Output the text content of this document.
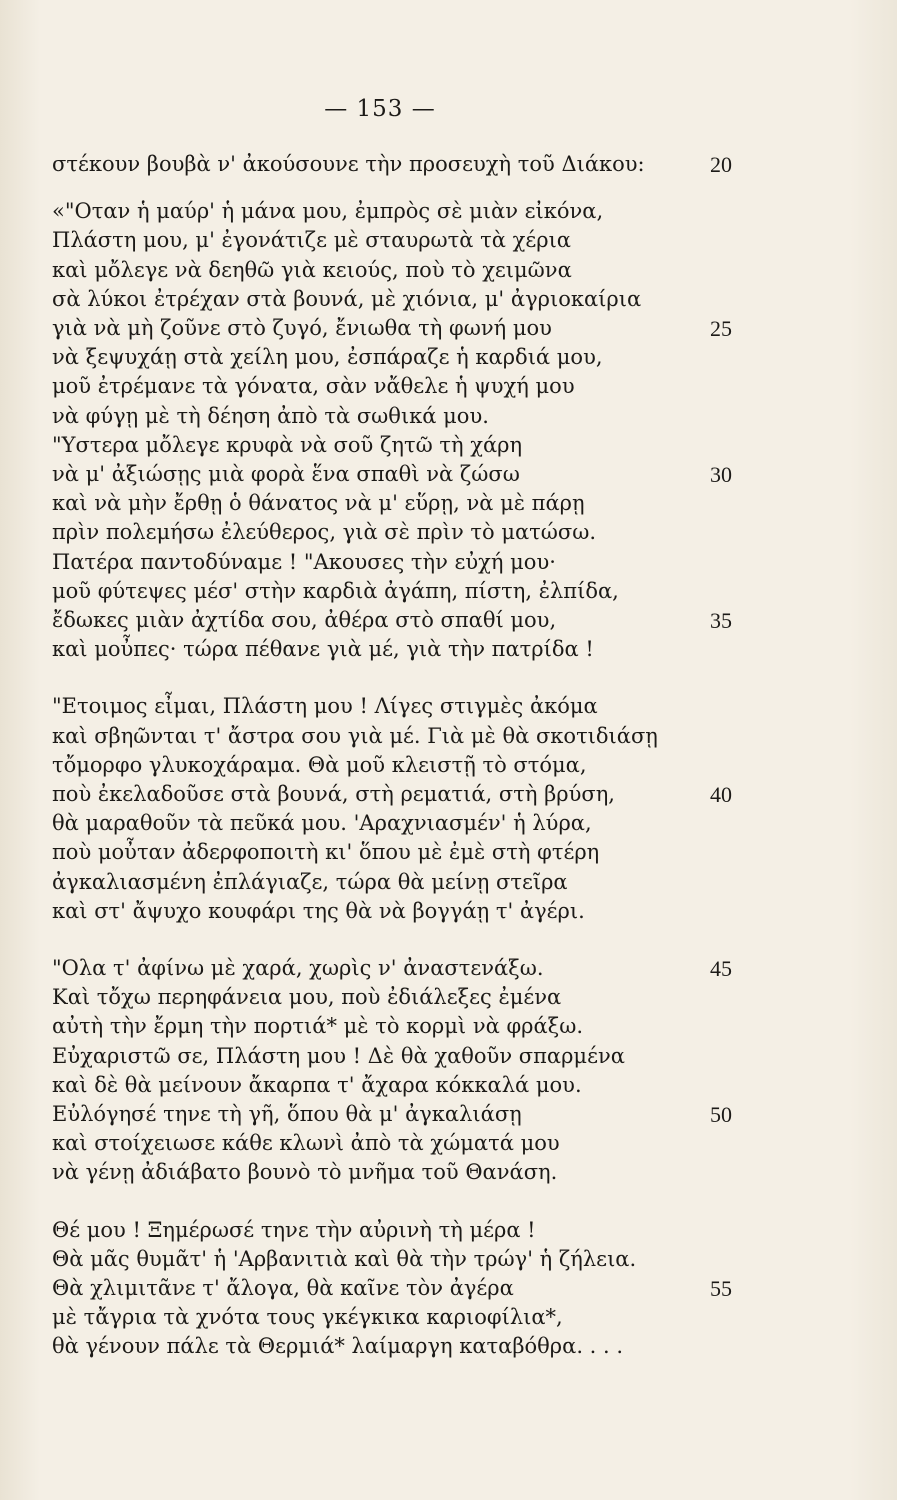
— 153 —
στέκουν βουβὰ ν' ἀκούσουνε τὴν προσευχὴ τοῦ Διάκου:	20
«"Οταν ἡ μαύρ' ἡ μάνα μου, ἐμπρὸς σὲ μιὰν εἰκόνα,
Πλάστη μου, μ' ἐγονάτιζε μὲ σταυρωτὰ τὰ χέρια
καὶ μὄλεγε νὰ δεηθῶ γιὰ κειούς, ποὺ τὸ χειμῶνα
σὰ λύκοι ἐτρέχαν στὰ βουνά, μὲ χιόνια, μ' ἀγριοκαίρια
γιὰ νὰ μὴ ζοῦνε στὸ ζυγό, ἔνιωθα τὴ φωνή μου	25
νὰ ξεψυχάῃ στὰ χείλη μου, ἐσπάραζε ἡ καρδιά μου,
μοῦ ἐτρέμανε τὰ γόνατα, σὰν νἄθελε ἡ ψυχή μου
νὰ φύγῃ μὲ τὴ δέηση ἀπὸ τὰ σωθικά μου.
"Υστερα μὄλεγε κρυφὰ νὰ σοῦ ζητῶ τὴ χάρη
νὰ μ' ἀξιώσῃς μιὰ φορὰ ἕνα σπαθὶ νὰ ζώσω	30
καὶ νὰ μὴν ἔρθῃ ὁ θάνατος νὰ μ' εὕρῃ, νὰ μὲ πάρῃ
πρὶν πολεμήσω ἐλεύθερος, γιὰ σὲ πρὶν τὸ ματώσω.
Πατέρα παντοδύναμε ! "Ακουσες τὴν εὐχή μου·
μοῦ φύτεψες μέσ' στὴν καρδιὰ ἀγάπη, πίστη, ἐλπίδα,
ἔδωκες μιὰν ἀχτίδα σου, ἀθέρα στὸ σπαθί μου,	35
καὶ μοὖπες· τώρα πέθανε γιὰ μέ, γιὰ τὴν πατρίδα !
"Ετοιμος εἶμαι, Πλάστη μου ! Λίγες στιγμὲς ἀκόμα
καὶ σβηῶνται τ' ἄστρα σου γιὰ μέ. Γιὰ μὲ θὰ σκοτιδιάσῃ
τὄμορφο γλυκοχάραμα. Θὰ μοῦ κλειστῇ τὸ στόμα,
ποὺ ἐκελαδοῦσε στὰ βουνά, στὴ ρεματιά, στὴ βρύση,	40
θὰ μαραθοῦν τὰ πεῦκά μου. 'Αραχνιασμέν' ἡ λύρα,
ποὺ μοὖταν ἀδερφοποιτὴ κι' ὅπου μὲ ἐμὲ στὴ φτέρη
ἀγκαλιασμένη ἐπλάγιαζε, τώρα θὰ μείνῃ στεῖρα
καὶ στ' ἄψυχο κουφάρι της θὰ νὰ βογγάῃ τ' ἀγέρι.
"Ολα τ' ἀφίνω μὲ χαρά, χωρὶς ν' ἀναστενάξω.	45
Καὶ τὄχω περηφάνεια μου, ποὺ ἐδιάλεξες ἐμένα
αὐτὴ τὴν ἔρμη τὴν πορτιά* μὲ τὸ κορμὶ νὰ φράξω.
Εὐχαριστῶ σε, Πλάστη μου ! Δὲ θὰ χαθοῦν σπαρμένα
καὶ δὲ θὰ μείνουν ἄκαρπα τ' ἄχαρα κόκκαλά μου.
Εὐλόγησέ τηνε τὴ γῆ, ὅπου θὰ μ' ἀγκαλιάσῃ	50
καὶ στοίχειωσε κάθε κλωνὶ ἀπὸ τὰ χώματά μου
νὰ γένῃ ἀδιάβατο βουνὸ τὸ μνῆμα τοῦ Θανάση.
Θέ μου ! Ξημέρωσέ τηνε τὴν αὐρινὴ τὴ μέρα !
Θὰ μᾶς θυμᾶτ' ἡ 'Αρβανιτιὰ καὶ θὰ τὴν τρώγ' ἡ ζήλεια.
Θὰ χλιμιτᾶνε τ' ἄλογα, θὰ καῖνε τὸν ἀγέρα	55
μὲ τἄγρια τὰ χνότα τους γκέγκικα καριοφίλια*,
θὰ γένουν πάλε τὰ Θερμιά* λαίμαργη καταβόθρα. . . .
